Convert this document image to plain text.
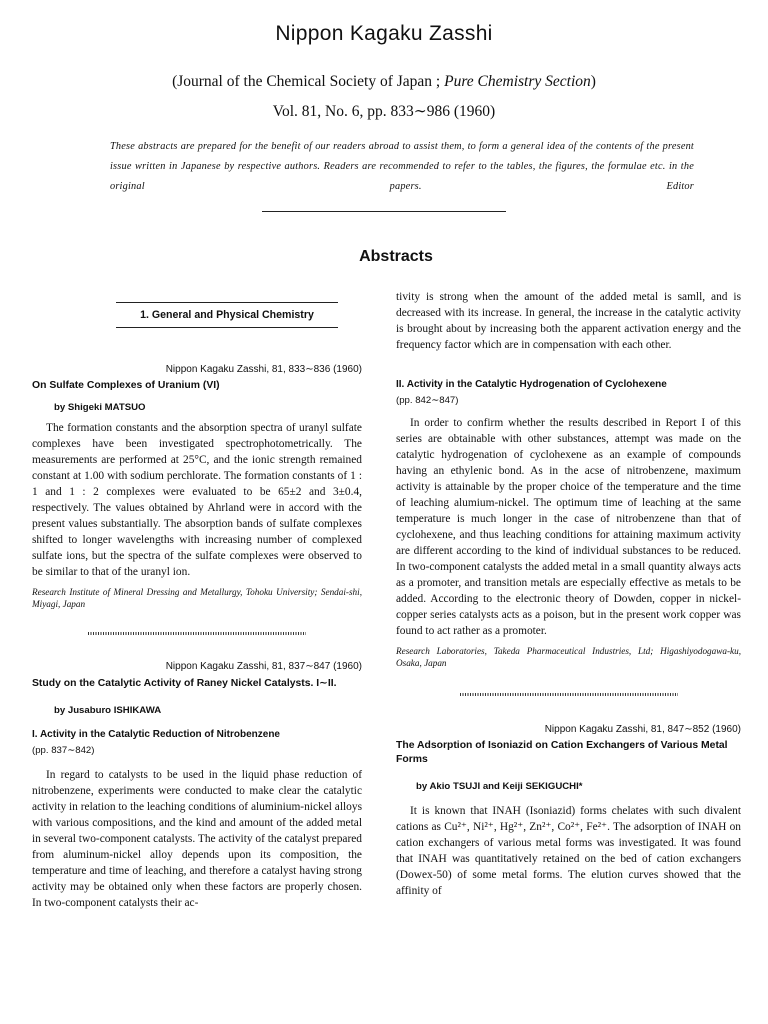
Nippon Kagaku Zasshi
(Journal of the Chemical Society of Japan ; Pure Chemistry Section)
Vol. 81, No. 6, pp. 833∼986 (1960)
These abstracts are prepared for the benefit of our readers abroad to assist them, to form a general idea of the contents of the present issue written in Japanese by respective authors. Readers are recommended to refer to the tables, the figures, the formulae etc. in the original papers. Editor
Abstracts
1. General and Physical Chemistry
Nippon Kagaku Zasshi, 81, 833∼836 (1960)
On Sulfate Complexes of Uranium (VI)
by Shigeki MATSUO

The formation constants and the absorption spectra of uranyl sulfate complexes have been investigated spectrophotometrically. The measurements are performed at 25°C, and the ionic strength remained constant at 1.00 with sodium perchlorate. The formation constants of 1 : 1 and 1 : 2 complexes were evaluated to be 65±2 and 3±0.4, respectively. The values obtained by Ahrland were in accord with the present values substantially. The absorption bands of sulfate complexes shifted to longer wavelengths with increasing number of complexed sulfate ions, but the spectra of the sulfate complexes were observed to be similar to that of the uranyl ion.

Research Institute of Mineral Dressing and Metallurgy, Tohoku University; Sendai-shi, Miyagi, Japan
Nippon Kagaku Zasshi, 81, 837∼847 (1960)
Study on the Catalytic Activity of Raney Nickel Catalysts. I∼II.
by Jusaburo ISHIKAWA
I. Activity in the Catalytic Reduction of Nitrobenzene
(pp. 837∼842)

In regard to catalysts to be used in the liquid phase reduction of nitrobenzene, experiments were conducted to make clear the catalytic activity in relation to the leaching conditions of aluminium-nickel alloys with various compositions, and the kind and amount of the added metal in several two-component catalysts. The activity of the catalyst prepared from aluminum-nickel alloy depends upon its composition, the temperature and time of leaching, and therefore a catalyst having strong activity may be obtained only when these factors are properly chosen. In two-component catalysts their ac-

tivity is strong when the amount of the added metal is samll, and is decreased with its increase. In general, the increase in the catalytic activity is brought about by increasing both the apparent activation energy and the frequency factor which are in compensation with each other.

II. Activity in the Catalytic Hydrogenation of Cyclohexene
(pp. 842∼847)

In order to confirm whether the results described in Report I of this series are obtainable with other substances, attempt was made on the catalytic hydrogenation of cyclohexene as an example of compounds having an ethylenic bond. As in the acse of nitrobenzene, maximum activity is attainable by the proper choice of the temperature and the time of leaching alumium-nickel. The optimum time of leaching at the same temperature is much longer in the case of nitrobenzene than that of cyclohexene, and thus leaching conditions for attaining maximum activity are different according to the kind of individual substances to be reduced. In two-component catalysts the added metal in a small quantity always acts as a promoter, and transition metals are especially effective as metals to be added. According to the electronic theory of Dowden, copper in nickel-copper series catalysts acts as a poison, but in the present work copper was found to act rather as a promoter.

Research Laboratories, Takeda Pharmaceutical Industries, Ltd; Higashiyodogawa-ku, Osaka, Japan
Nippon Kagaku Zasshi, 81, 847∼852 (1960)
The Adsorption of Isoniazid on Cation Exchangers of Various Metal Forms
by Akio TSUJI and Keiji SEKIGUCHI*

It is known that INAH (Isoniazid) forms chelates with such divalent cations as Cu²⁺, Ni²⁺, Hg²⁺, Zn²⁺, Co²⁺, Fe²⁺. The adsorption of INAH on cation exchangers of various metal forms was investigated. It was found that INAH was quantitatively retained on the bed of cation exchangers (Dowex-50) of some metal forms. The elution curves showed that the affinity of
